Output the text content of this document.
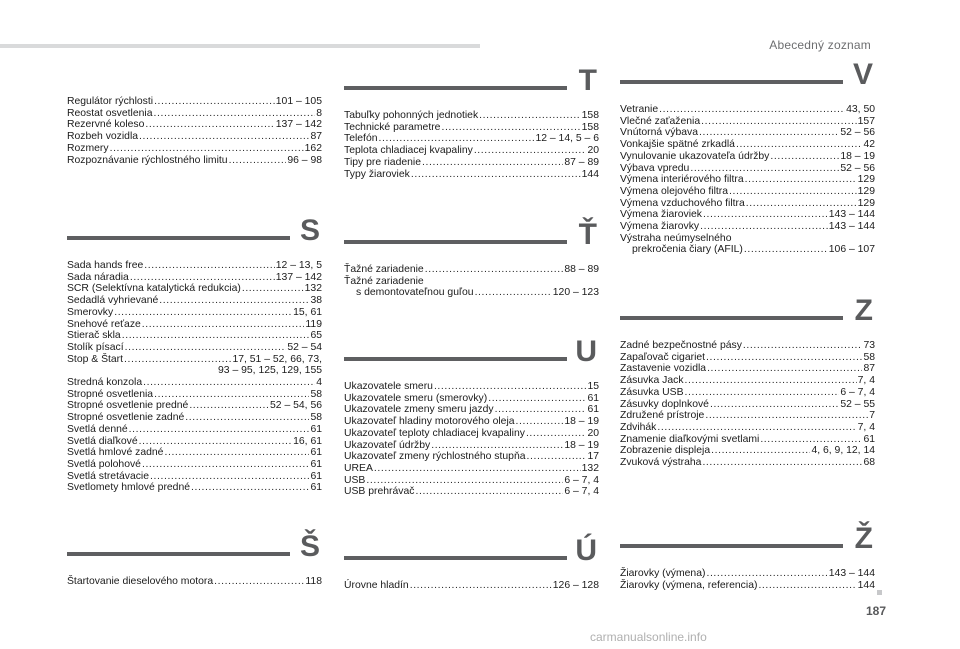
Abecedný zoznam
Regulátor rýchlosti .....	101 – 105
Reostat osvetlenia .....	8
Rezervné koleso .....	137 – 142
Rozbeh vozidla .....	87
Rozmery .....	162
Rozpoznávanie rýchlostného limitu .....	96 – 98
S
Sada hands free .....	12 – 13, 5
Sada náradia .....	137 – 142
SCR (Selektívna katalytická redukcia) .....	132
Sedadlá vyhrievané .....	38
Smerovky .....	15, 61
Snehové reťaze .....	119
Stierač skla .....	65
Stolík písací .....	52 – 54
Stop & Štart .....	17, 51 – 52, 66, 73,
93 – 95, 125, 129, 155
Stredná konzola .....	4
Stropné osvetlenia .....	58
Stropné osvetlenie predné .....	52 – 54, 56
Stropné osvetlenie zadné .....	58
Svetlá denné .....	61
Svetlá diaľkové .....	16, 61
Svetlá hmlové zadné .....	61
Svetlá polohové .....	61
Svetlá stretávacie .....	61
Svetlomety hmlové predné .....	61
Š
Štartovanie dieselového motora .....	118
T
Tabuľky pohonných jednotiek .....	158
Technické parametre .....	158
Telefón .....	12 – 14, 5 – 6
Teplota chladiacej kvapaliny .....	20
Tipy pre riadenie .....	87 – 89
Typy žiaroviek .....	144
Ť
Ťažné zariadenie .....	88 – 89
Ťažné zariadenie
s demontovateľnou guľou .....	120 – 123
U
Ukazovatele smeru .....	15
Ukazovatele smeru (smerovky) .....	61
Ukazovatele zmeny smeru jazdy .....	61
Ukazovateľ hladiny motorového oleja .....	18 – 19
Ukazovateľ teploty chladiacej kvapaliny .....	20
Ukazovateľ údržby .....	18 – 19
Ukazovateľ zmeny rýchlostného stupňa .....	17
UREA .....	132
USB .....	6 – 7, 4
USB prehrávač .....	6 – 7, 4
Ú
Úrovne hladín .....	126 – 128
V
Vetranie .....	43, 50
Vlečné zaťaženia .....	157
Vnútorná výbava .....	52 – 56
Vonkajšie spätné zrkadlá .....	42
Vynulovanie ukazovateľa údržby .....	18 – 19
Výbava vpredu .....	52 – 56
Výmena interiérového filtra .....	129
Výmena olejového filtra .....	129
Výmena vzduchového filtra .....	129
Výmena žiaroviek .....	143 – 144
Výmena žiarovky .....	143 – 144
Výstraha neúmyselného
prekročenia čiary (AFIL) .....	106 – 107
Z
Zadné bezpečnostné pásy .....	73
Zapaľovač cigariet .....	58
Zastavenie vozidla .....	87
Zásuvka Jack .....	7, 4
Zásuvka USB .....	6 – 7, 4
Zásuvky doplnkové .....	52 – 55
Združené prístroje .....	7
Zdvihák .....	7, 4
Znamenie diaľkovými svetlami .....	61
Zobrazenie displeja .....	4, 6, 9, 12, 14
Zvuková výstraha .....	68
Ž
Žiarovky (výmena) .....	143 – 144
Žiarovky (výmena, referencia) .....	144
187
carmanualsonline.info
